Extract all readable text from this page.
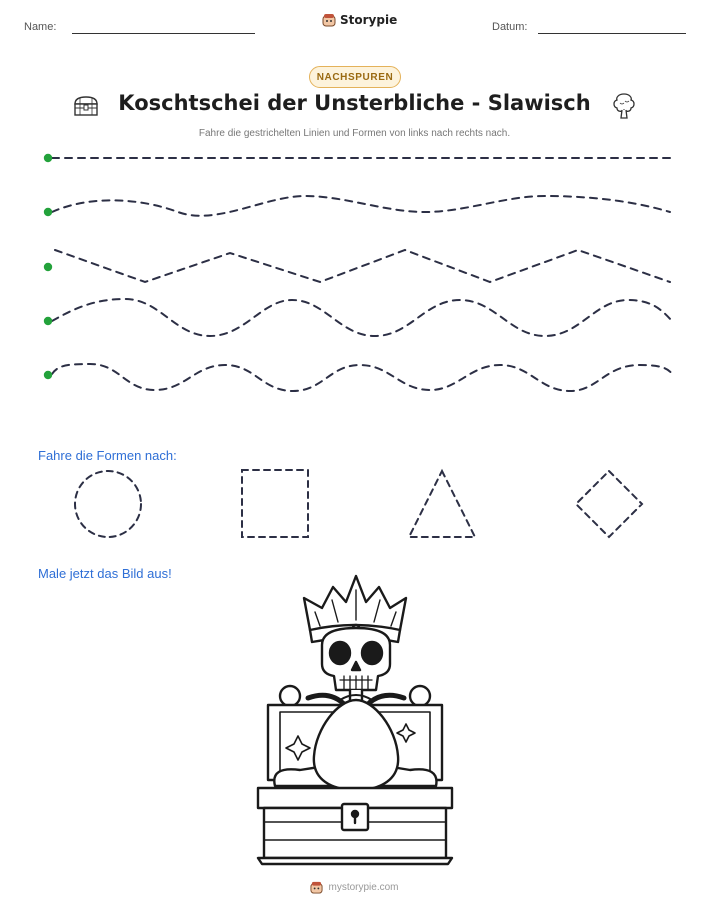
Name:	Storypie	Datum:
NACHSPUREN
Koschtschei der Unsterbliche - Slawisch
Fahre die gestrichelten Linien und Formen von links nach rechts nach.
Fahre die Formen nach:
Male jetzt das Bild aus!
mystorypie.com
